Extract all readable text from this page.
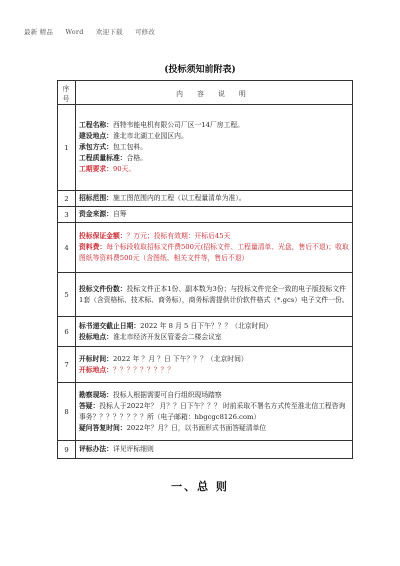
最新 精品 Word 欢迎下载 可修改
(投标须知前附表)
序号	内 容 说 明
1	工程名称：西特韦能电机有限公司厂区一14厂房工程。
建设地点：淮北市北湖工业园区内。
承包方式：包工包料。
工程质量标准：合格。
工期要求：90天。

2	招标范围：施工图范围内的工程（以工程量清单为准）。

3	资金来源：自筹

4	投标保证金额：？万元；投标有效期：开标后45天
资料费：每个标段收取招标文件费500元(招标文件、工程量清单、光盘，售后不退)；收取图纸等资料费500元（含图纸、相关文件等，售后不退）

5	投标文件份数：投标文件正本1份、副本数为3份；与投标文件完全一致的电子版投标文件1套（含资格标、技术标、商务标），商务标需提供计价软件格式（*.gcs）电子文件一份。

6	标书递交截止日期：2022 年 8 月 5 日下午？？？（北京时间）
投标地点：淮北市经济开发区管委会二楼会议室

7	开标时间：2022 年 ？月 ？日 下午？？？（北京时间）
开标地点：？？？？？？？？？

8	勘察现场：投标人根据需要可自行组织现场踏察
答疑：投标人于2022年？ 月？？日下午？？？ 时前采取不署名方式传至淮北信工程咨询事务？？？？？？？？所（电子邮箱：hbgcgc8126.com）
疑问答复时间：2022年？月？日，以书面形式书面答疑清单位

9	评标办法：详见评标细则
一、总 则
